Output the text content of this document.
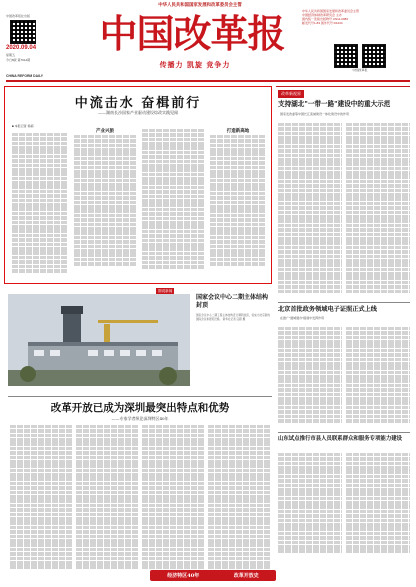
中华人民共和国国家发展和改革委员会主管
中国改革报社出版
2020.09.04
星期五
今日8版 第7914期
中国改革报
传播力 凯旋 竞争力
CHINA REFORM DAILY
中华人民共和国国家发展和改革委员会主管
中国经济体制改革研究会 主办
国内统一连续出版物号 CN11-0083
邮发代号1-83 国外代号 D1234
中国改革报
中流击水 奋楫前行
——湖南长沙国家产业驱动建设综改实践见闻
■ 本报记者 杨娟
产业兴旅	打造新高地
改革新视界
支持湖北"一带一路"建设中的重大示范
国家发改委等中国长江流域建设一体化建设中的作用
北京首批政务领域电子证照正式上线
在推广"通城通办"提速中发挥作用
山东试点推行市县人员联系群众和服务专项能力建设
图说新闻
国家会议中心二期主体结构封顶
国家会议中心二期工程主体结构近日顺利封顶，将成为北京新的国际会议和展览设施。 新华社记者 任超 摄
改革开放已成为深圳最突出特点和优势
——专家学者纵论深圳特区40年
经济特区40年	改革开放史
